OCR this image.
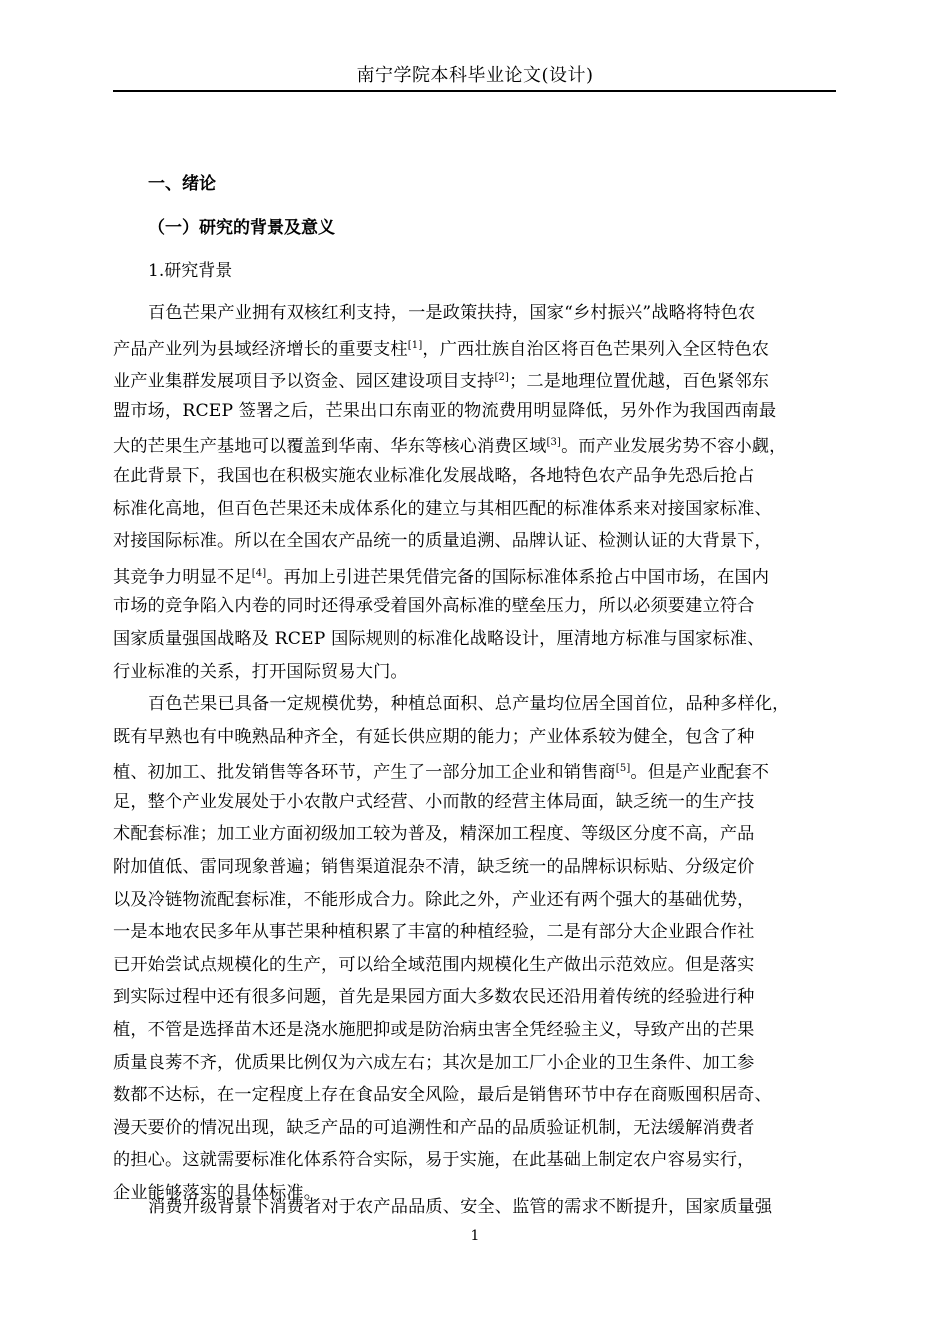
南宁学院本科毕业论文(设计)
一、绪论
（一）研究的背景及意义
1.研究背景
百色芒果产业拥有双核红利支持，一是政策扶持，国家“乡村振兴”战略将特色农
产品产业列为县域经济增长的重要支柱[1]，广西壮族自治区将百色芒果列入全区特色农
业产业集群发展项目予以资金、园区建设项目支持[2]；二是地理位置优越，百色紧邻东
盟市场，RCEP 签署之后，芒果出口东南亚的物流费用明显降低，另外作为我国西南最
大的芒果生产基地可以覆盖到华南、华东等核心消费区域[3]。而产业发展劣势不容小觑，
在此背景下，我国也在积极实施农业标准化发展战略，各地特色农产品争先恐后抢占
标准化高地，但百色芒果还未成体系化的建立与其相匹配的标准体系来对接国家标准、
对接国际标准。所以在全国农产品统一的质量追溯、品牌认证、检测认证的大背景下，
其竞争力明显不足[4]。再加上引进芒果凭借完备的国际标准体系抢占中国市场，在国内
市场的竞争陷入内卷的同时还得承受着国外高标准的壁垒压力，所以必须要建立符合
国家质量强国战略及 RCEP 国际规则的标准化战略设计，厘清地方标准与国家标准、
行业标准的关系，打开国际贸易大门。
百色芒果已具备一定规模优势，种植总面积、总产量均位居全国首位，品种多样化，
既有早熟也有中晚熟品种齐全，有延长供应期的能力；产业体系较为健全，包含了种
植、初加工、批发销售等各环节，产生了一部分加工企业和销售商[5]。但是产业配套不
足，整个产业发展处于小农散户式经营、小而散的经营主体局面，缺乏统一的生产技
术配套标准；加工业方面初级加工较为普及，精深加工程度、等级区分度不高，产品
附加值低、雷同现象普遍；销售渠道混杂不清，缺乏统一的品牌标识标贴、分级定价
以及冷链物流配套标准，不能形成合力。除此之外，产业还有两个强大的基础优势，
一是本地农民多年从事芒果种植积累了丰富的种植经验，二是有部分大企业跟合作社
已开始尝试点规模化的生产，可以给全域范围内规模化生产做出示范效应。但是落实
到实际过程中还有很多问题，首先是果园方面大多数农民还沿用着传统的经验进行种
植，不管是选择苗木还是浇水施肥抑或是防治病虫害全凭经验主义，导致产出的芒果
质量良莠不齐，优质果比例仅为六成左右；其次是加工厂小企业的卫生条件、加工参
数都不达标，在一定程度上存在食品安全风险，最后是销售环节中存在商贩囤积居奇、
漫天要价的情况出现，缺乏产品的可追溯性和产品的品质验证机制，无法缓解消费者
的担心。这就需要标准化体系符合实际，易于实施，在此基础上制定农户容易实行，
企业能够落实的具体标准。
消费升级背景下消费者对于农产品品质、安全、监管的需求不断提升，国家质量强
1
